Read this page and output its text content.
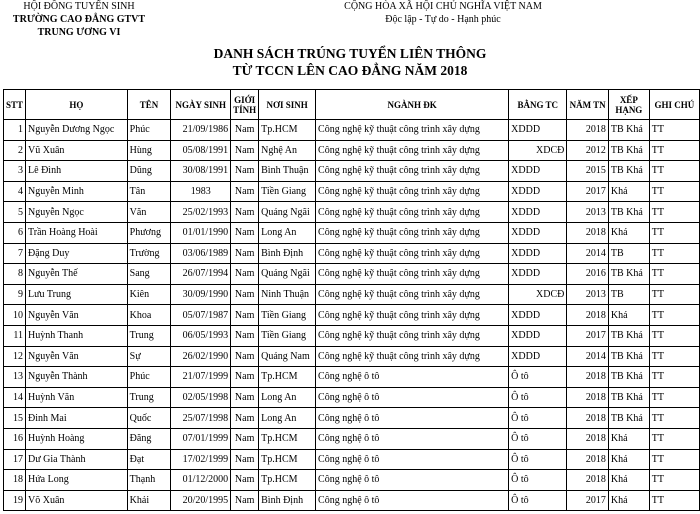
HỘI ĐỒNG TUYỂN SINH
TRƯỜNG CAO ĐẲNG GTVT
TRUNG ƯƠNG VI
CỘNG HÒA XÃ HỘI CHỦ NGHĨA VIỆT NAM
Độc lập - Tự do - Hạnh phúc
DANH SÁCH TRÚNG TUYỂN LIÊN THÔNG
TỪ TCCN LÊN CAO ĐẲNG NĂM 2018
STT	HỌ	TÊN	NGÀY SINH	GIỚI TÍNH	NƠI SINH	NGÀNH ĐK	BẰNG TC	NĂM TN	XẾP HẠNG	GHI CHÚ
1	Nguyễn Dương Ngọc	Phúc	21/09/1986	Nam	Tp.HCM	Công nghệ kỹ thuật công trình xây dựng	XDDD	2018	TB Khá	TT
2	Vũ Xuân	Hùng	05/08/1991	Nam	Nghệ An	Công nghệ kỹ thuật công trình xây dựng	XDCĐ	2012	TB Khá	TT
3	Lê Đình	Dũng	30/08/1991	Nam	Bình Thuận	Công nghệ kỹ thuật công trình xây dựng	XDDD	2015	TB Khá	TT
4	Nguyễn Minh	Tân	1983	Nam	Tiền Giang	Công nghệ kỹ thuật công trình xây dựng	XDDD	2017	Khá	TT
5	Nguyễn Ngọc	Văn	25/02/1993	Nam	Quảng Ngãi	Công nghệ kỹ thuật công trình xây dựng	XDDD	2013	TB Khá	TT
6	Trần Hoàng Hoài	Phương	01/01/1990	Nam	Long An	Công nghệ kỹ thuật công trình xây dựng	XDDD	2018	Khá	TT
7	Đặng Duy	Trường	03/06/1989	Nam	Bình Định	Công nghệ kỹ thuật công trình xây dựng	XDDD	2014	TB	TT
8	Nguyễn Thế	Sang	26/07/1994	Nam	Quảng Ngãi	Công nghệ kỹ thuật công trình xây dựng	XDDD	2016	TB Khá	TT
9	Lưu Trung	Kiên	30/09/1990	Nam	Ninh Thuận	Công nghệ kỹ thuật công trình xây dựng	XDCĐ	2013	TB	TT
10	Nguyễn Văn	Khoa	05/07/1987	Nam	Tiền Giang	Công nghệ kỹ thuật công trình xây dựng	XDDD	2018	Khá	TT
11	Huỳnh Thanh	Trung	06/05/1993	Nam	Tiền Giang	Công nghệ kỹ thuật công trình xây dựng	XDDD	2017	TB Khá	TT
12	Nguyễn Văn	Sự	26/02/1990	Nam	Quảng Nam	Công nghệ kỹ thuật công trình xây dựng	XDDD	2014	TB Khá	TT
13	Nguyễn Thành	Phúc	21/07/1999	Nam	Tp.HCM	Công nghệ ô tô	Ô tô	2018	TB Khá	TT
14	Huỳnh Văn	Trung	02/05/1998	Nam	Long An	Công nghệ ô tô	Ô tô	2018	TB Khá	TT
15	Đinh Mai	Quốc	25/07/1998	Nam	Long An	Công nghệ ô tô	Ô tô	2018	TB Khá	TT
16	Huỳnh Hoàng	Đăng	07/01/1999	Nam	Tp.HCM	Công nghệ ô tô	Ô tô	2018	Khá	TT
17	Dư Gia Thành	Đạt	17/02/1999	Nam	Tp.HCM	Công nghệ ô tô	Ô tô	2018	Khá	TT
18	Hứa Long	Thạnh	01/12/2000	Nam	Tp.HCM	Công nghệ ô tô	Ô tô	2018	Khá	TT
19	Võ Xuân	Khải	20/20/1995	Nam	Bình Định	Công nghệ ô tô	Ô tô	2017	Khá	TT
